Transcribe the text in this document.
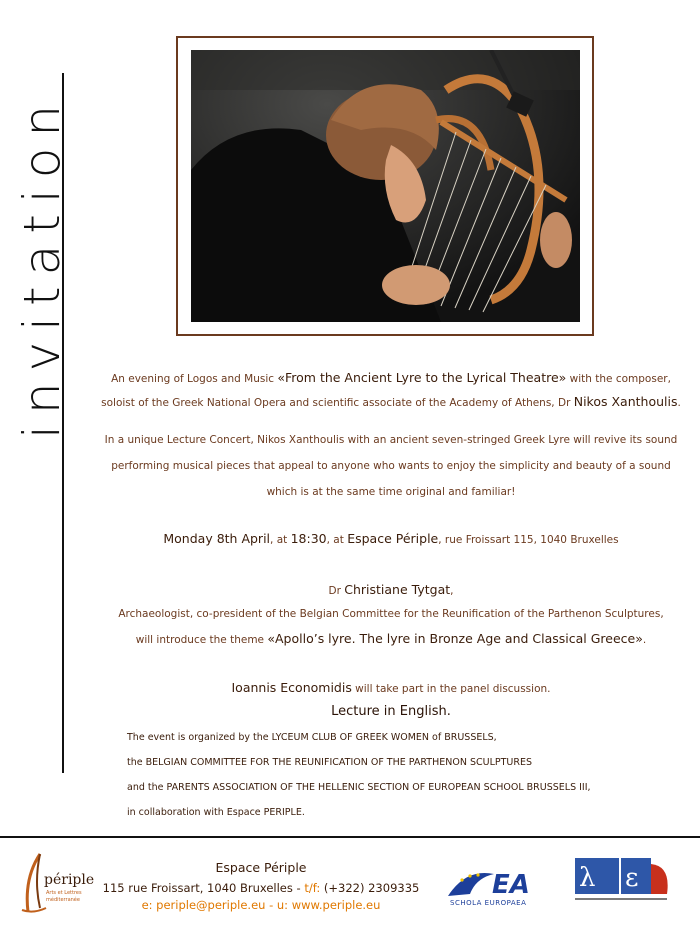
invitation	An evening of Logos and Music «From the Ancient Lyre to the Lyrical Theatre» with the composer,
soloist of the Greek National Opera and scientific associate of the Academy of Athens, Dr Nikos Xanthoulis.
In a unique Lecture Concert, Nikos Xanthoulis with an ancient seven-stringed Greek Lyre will revive its sound
performing musical pieces that appeal to anyone who wants to enjoy the simplicity and beauty of a sound
which is at the same time original and familiar!
Monday 8th April, at 18:30, at Espace Périple, rue Froissart 115, 1040 Bruxelles
Dr Christiane Tytgat,
Archaeologist, co-president of the Belgian Committee for the Reunification of the Parthenon Sculptures,
will introduce the theme «Apollo’s lyre. The lyre in Bronze Age and Classical Greece».
Ioannis Economidis will take part in the panel discussion.
Lecture in English.
The event is organized by the LYCEUM CLUB OF GREEK WOMEN of BRUSSELS,
the BELGIAN COMMITTEE FOR THE REUNIFICATION OF THE PARTHENON SCULPTURES
and the PARENTS ASSOCIATION OF THE HELLENIC SECTION OF EUROPEAN SCHOOL BRUSSELS III,
in collaboration with Espace PERIPLE.
périple
Arts et Lettres
méditerranée
Espace Périple
115 rue Froissart, 1040 Bruxelles - t/f: (+322) 2309335
e: periple@periple.eu - u: www.periple.eu
EA
SCHOLA EUROPAEA
λ ε
